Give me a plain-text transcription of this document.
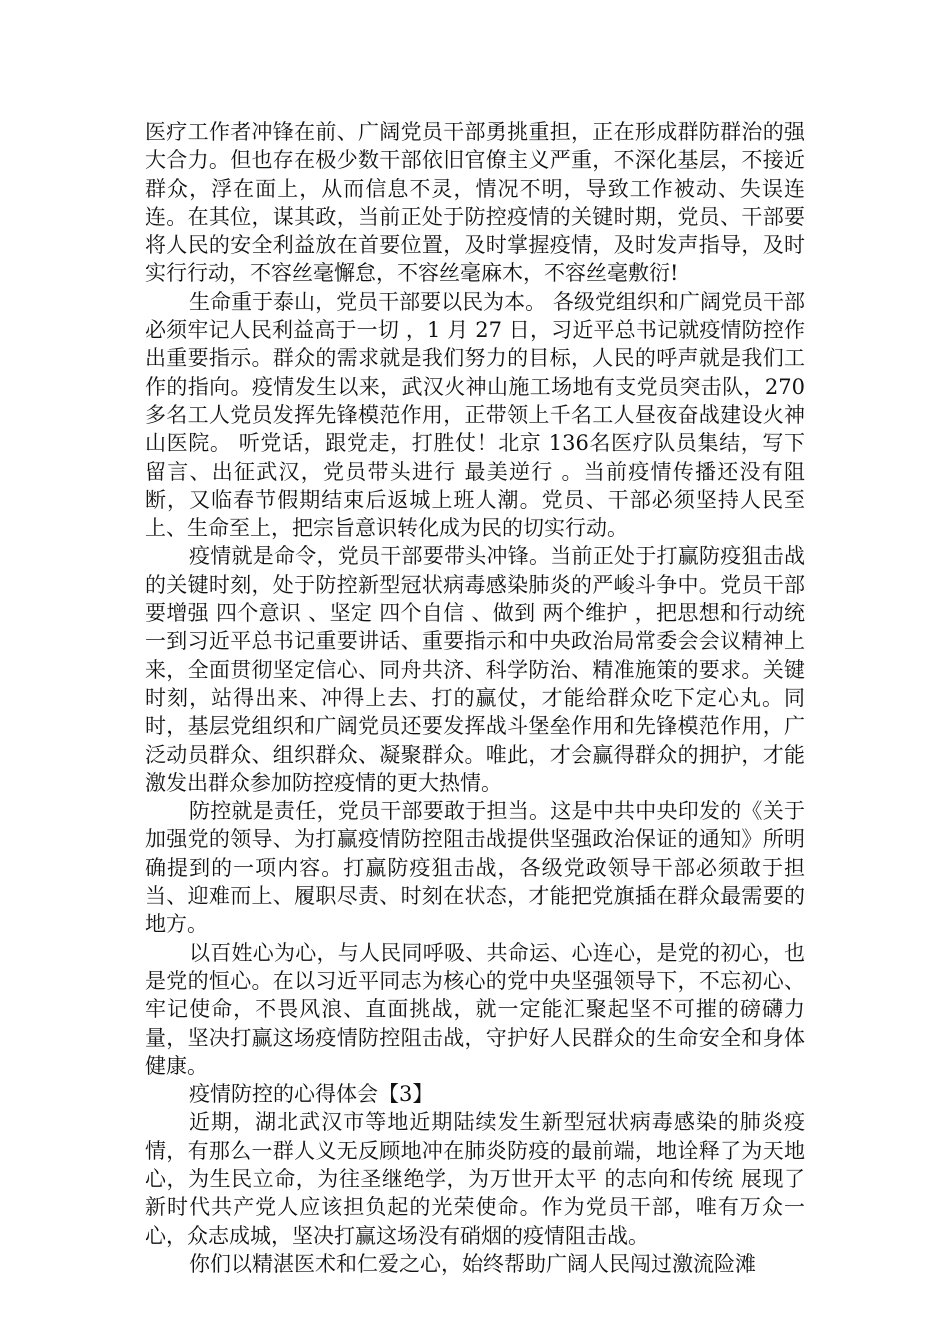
医疗工作者冲锋在前、广阔党员干部勇挑重担，正在形成群防群治的强大合力。但也存在极少数干部依旧官僚主义严重，不深化基层，不接近群众，浮在面上，从而信息不灵，情况不明，导致工作被动、失误连连。在其位，谋其政，当前正处于防控疫情的关键时期，党员、干部要将人民的安全利益放在首要位置，及时掌握疫情，及时发声指导，及时实行行动，不容丝毫懈怠，不容丝毫麻木，不容丝毫敷衍!

生命重于泰山，党员干部要以民为本。 各级党组织和广阔党员干部必须牢记人民利益高于一切 ，1 月 27 日，习近平总书记就疫情防控作出重要指示。群众的需求就是我们努力的目标，人民的呼声就是我们工作的指向。疫情发生以来，武汉火神山施工场地有支党员突击队，270 多名工人党员发挥先锋模范作用，正带领上千名工人昼夜奋战建设火神山医院。 听党话，跟党走，打胜仗！北京 136名医疗队员集结，写下留言、出征武汉，党员带头进行 最美逆行 。当前疫情传播还没有阻断，又临春节假期结束后返城上班人潮。党员、干部必须坚持人民至上、生命至上，把宗旨意识转化成为民的切实行动。

疫情就是命令，党员干部要带头冲锋。当前正处于打赢防疫狙击战的关键时刻，处于防控新型冠状病毒感染肺炎的严峻斗争中。党员干部要增强 四个意识 、坚定 四个自信 、做到 两个维护 ，把思想和行动统一到习近平总书记重要讲话、重要指示和中央政治局常委会会议精神上来，全面贯彻坚定信心、同舟共济、科学防治、精准施策的要求。关键时刻，站得出来、冲得上去、打的赢仗，才能给群众吃下定心丸。同时，基层党组织和广阔党员还要发挥战斗堡垒作用和先锋模范作用，广泛动员群众、组织群众、凝聚群众。唯此，才会赢得群众的拥护，才能激发出群众参加防控疫情的更大热情。

防控就是责任，党员干部要敢于担当。这是中共中央印发的《关于加强党的领导、为打赢疫情防控阻击战提供坚强政治保证的通知》所明确提到的一项内容。打赢防疫狙击战，各级党政领导干部必须敢于担当、迎难而上、履职尽责、时刻在状态，才能把党旗插在群众最需要的地方。

以百姓心为心，与人民同呼吸、共命运、心连心，是党的初心，也是党的恒心。在以习近平同志为核心的党中央坚强领导下，不忘初心、牢记使命，不畏风浪、直面挑战，就一定能汇聚起坚不可摧的磅礴力量，坚决打赢这场疫情防控阻击战，守护好人民群众的生命安全和身体健康。

疫情防控的心得体会【3】

近期，湖北武汉市等地近期陆续发生新型冠状病毒感染的肺炎疫情，有那么一群人义无反顾地冲在肺炎防疫的最前端，地诠释了为天地心，为生民立命，为往圣继绝学，为万世开太平 的志向和传统 展现了新时代共产党人应该担负起的光荣使命。作为党员干部，唯有万众一心，众志成城，坚决打赢这场没有硝烟的疫情阻击战。

你们以精湛医术和仁爱之心，始终帮助广阔人民闯过激流险滩
